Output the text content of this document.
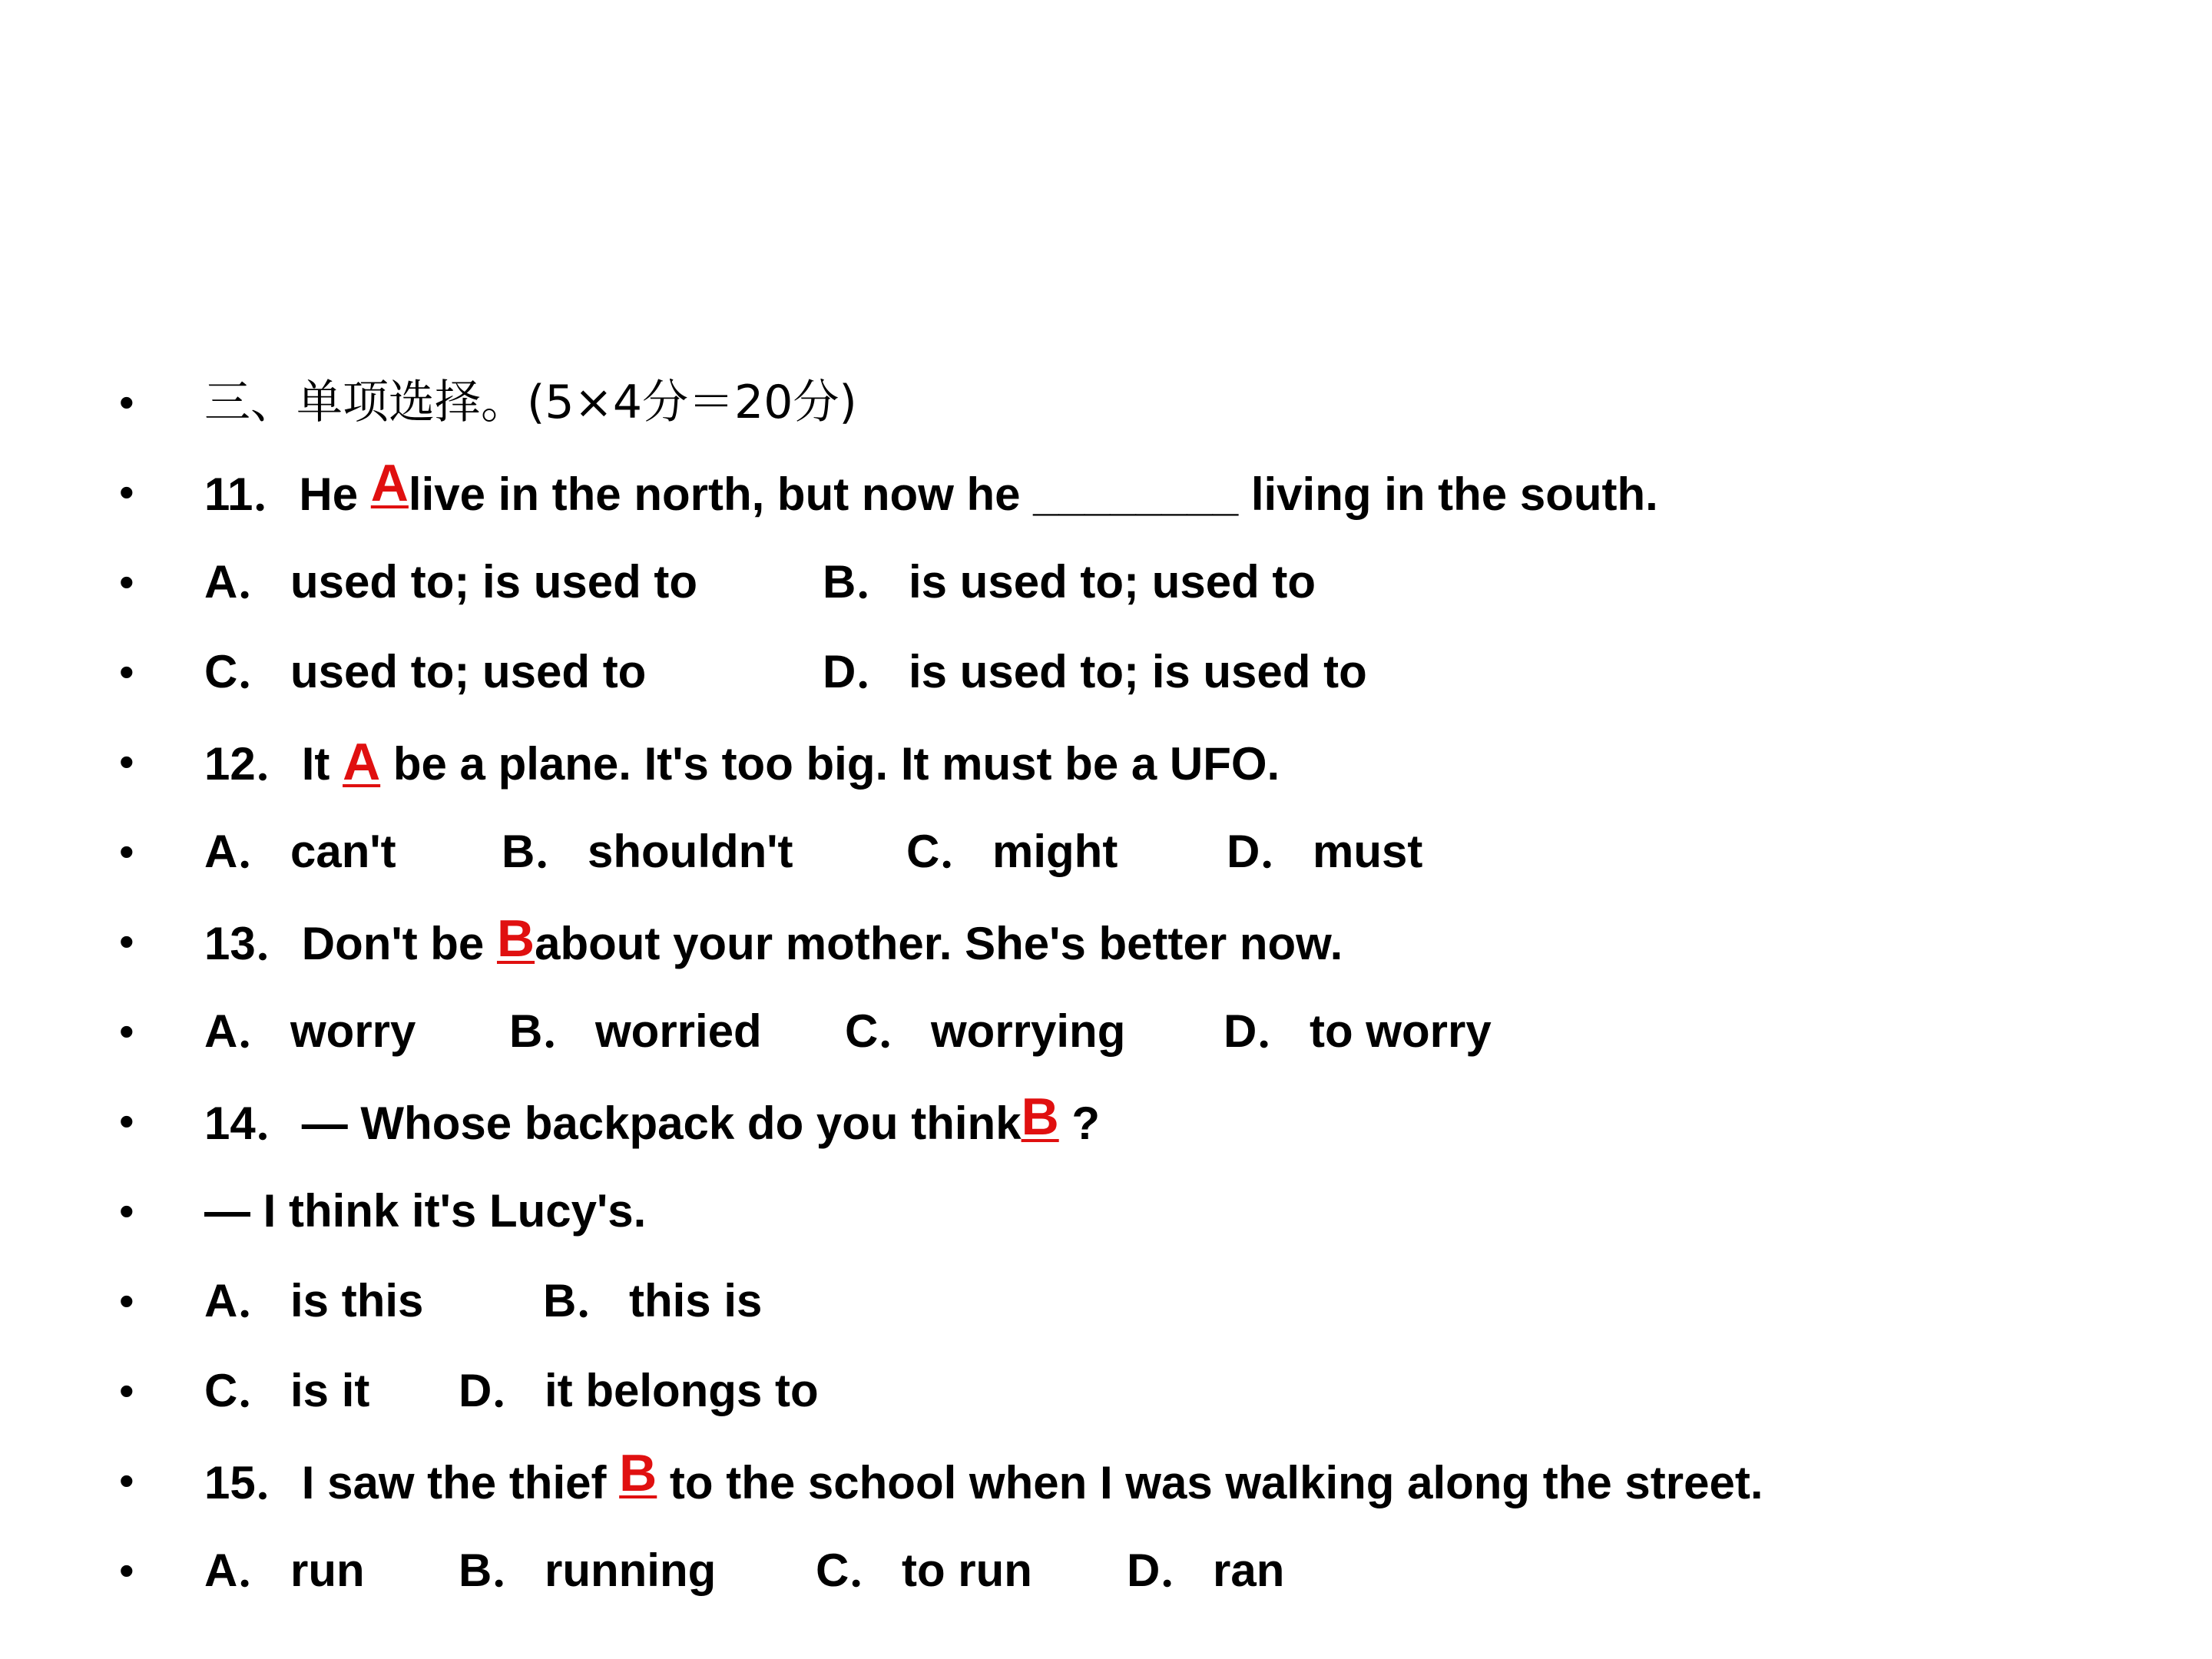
• 三、单项选择。(5×4分＝20分)
• 11．He Alive in the north, but now he ________ living in the south.
• A． used to; is used to	B． is used to; used to
• C． used to; used to	D． is used to; is used to
• 12．It A be a plane. It's too big. It must be a UFO.
• A． can't B． shouldn't C． might D． must
• 13．Don't be Babout your mother. She's better now.
• A． worry B． worried C． worrying D． to worry
• 14．— Whose backpack do you thinkB ?
• — I think it's Lucy's.
• A． is this	B． this is
• C． is it D． it belongs to
• 15．I saw the thief B to the school when I was walking along the street.
• A． run B． running C． to run D． ran
